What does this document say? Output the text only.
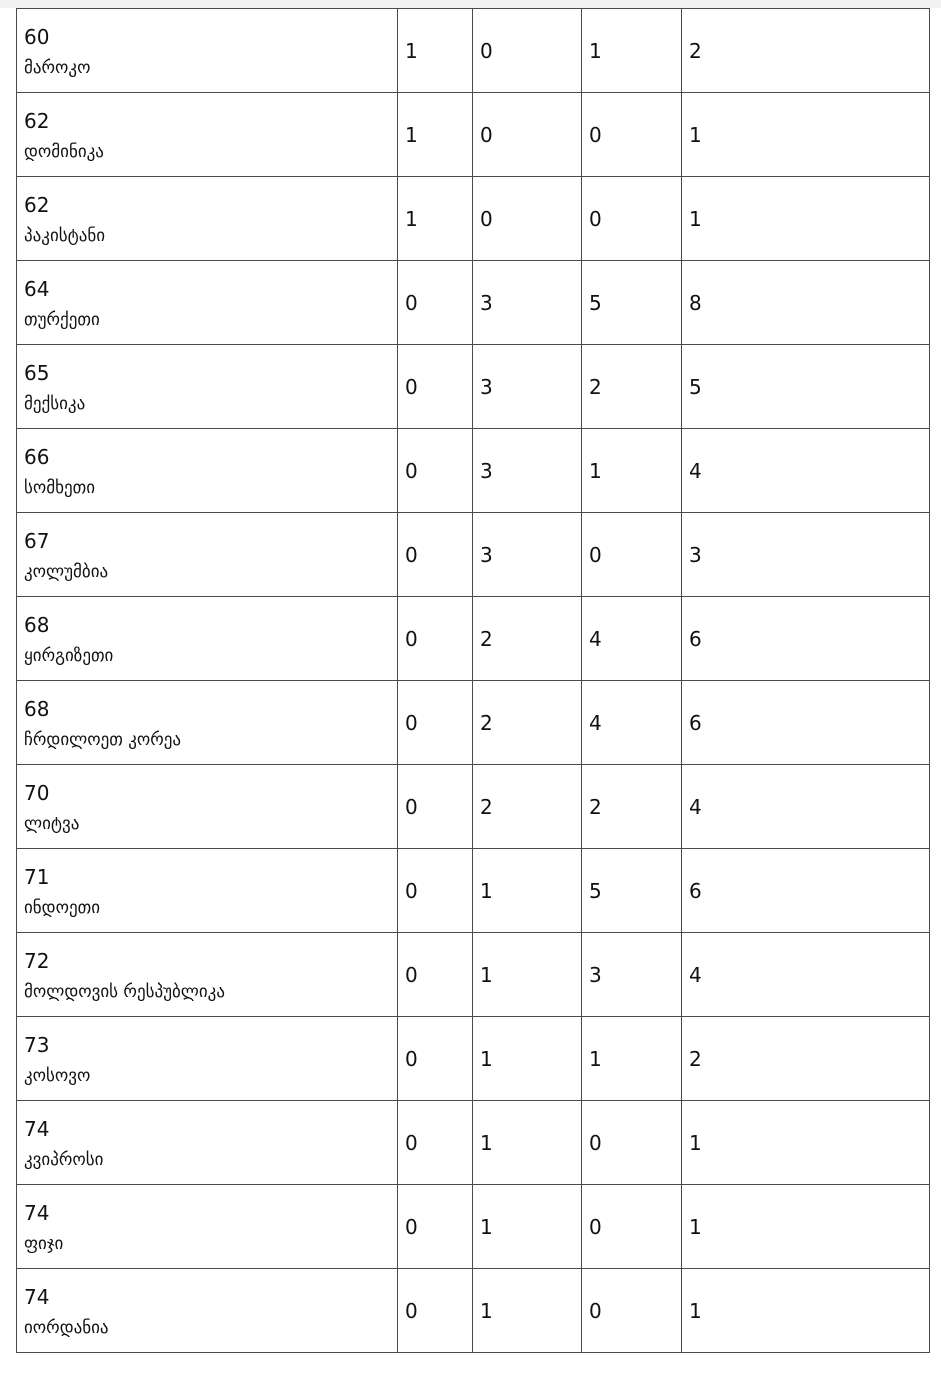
60
მაროკო	1	0	1	2

62
დომინიკა	1	0	0	1

62
პაკისტანი	1	0	0	1

64
თურქეთი	0	3	5	8

65
მექსიკა	0	3	2	5

66
სომხეთი	0	3	1	4

67
კოლუმბია	0	3	0	3

68
ყირგიზეთი	0	2	4	6

68
ჩრდილოეთ კორეა	0	2	4	6

70
ლიტვა	0	2	2	4

71
ინდოეთი	0	1	5	6

72
მოლდოვის რესპუბლიკა	0	1	3	4

73
კოსოვო	0	1	1	2

74
კვიპროსი	0	1	0	1

74
ფიჯი	0	1	0	1

74
იორდანია	0	1	0	1
